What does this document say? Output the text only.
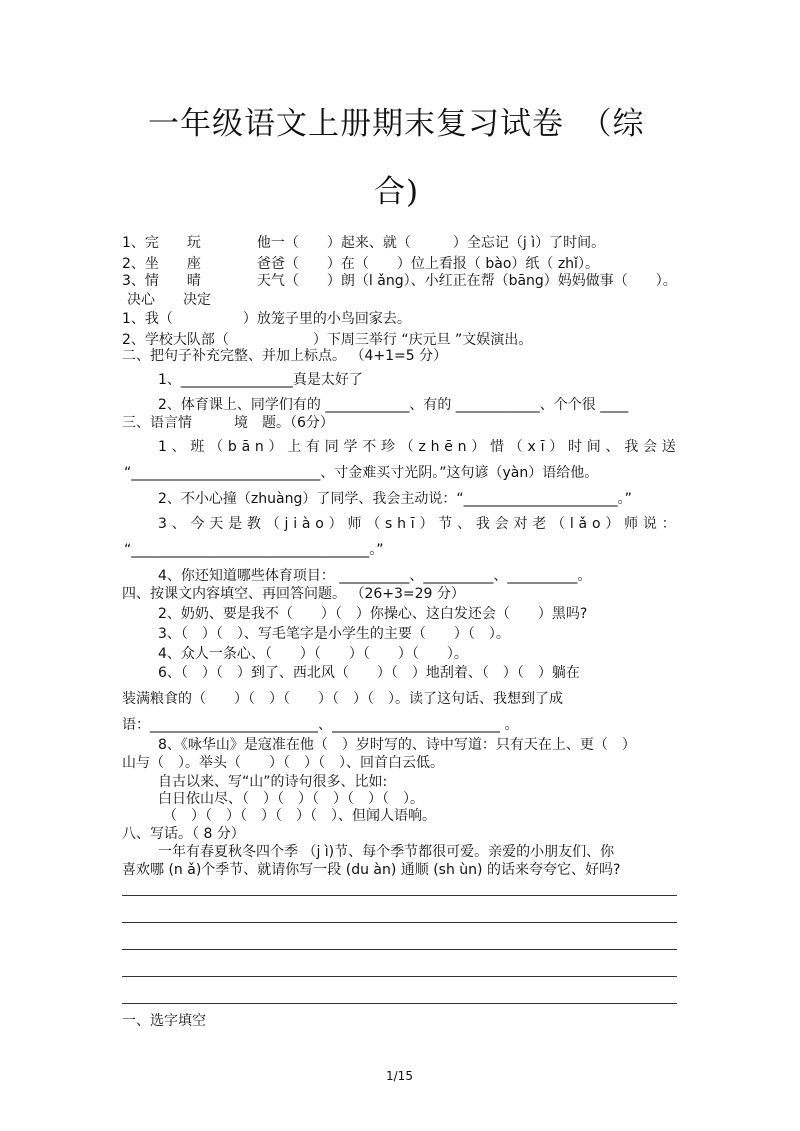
一年级语文上册期末复习试卷　（综
合)
1、完　　玩　　　　他一（　　）起来、就（　　　）全忘记（j ì）了时间。
2、坐　　座　　　　爸爸（　　）在（　　）位上看报（ bào）纸（ zhǐ）。
3、情　　晴　　　　天气（　　）朗（l ǎng）、小红正在帮（bāng）妈妈做事（　　）。
决心　　决定
1、我（　　　　　）放笼子里的小鸟回家去。
2、学校大队部（　　　　　　）下周三举行 “庆元旦 ”文娱演出。
二、把句子补充完整、并加上标点。 （4+1=5 分）
1、________________真是太好了
2、体育课上、同学们有的 ____________、有的 ____________、个个很 ____
三、语言情　　　境　题。（6分）
1 、 班 （ b ā n ） 上 有 同 学 不 珍 （ z h ē n ） 惜 （ x ī ） 时 间 、 我 会 送
“___________________________、寸金难买寸光阴。”这句谚（yàn）语给他。
2、不小心撞（zhuàng）了同学、我会主动说：“______________________。”
3 、 今 天 是 教 （ j i à o ） 师 （ s h ī ） 节 、 我 会 对 老 （ l ǎ o ） 师 说 ：
“__________________________________。”
4、你还知道哪些体育项目： __________、__________、__________。
四、按课文内容填空、再回答问题。 （26+3=29 分）
2、奶奶、要是我不（　　）（　）你操心、这白发还会（　　）黑吗?
3、（　）（　）、写毛笔字是小学生的主要（　　）（　）。
4、众人一条心、（　　）（　　）（　　）（　　）。
6、（　）（　）到了、西北风（　　）（　）地刮着、（　）（　）躺在
装满粮食的（　　）（　）（　　）（　）（　）。读了这句话、我想到了成
语：________________________、________________________ 。
8、《咏华山》是寇准在他（　）岁时写的、诗中写道：只有天在上、更（　）
山与（　）。举头（　　）（　）（　）、回首白云低。
自古以来、写“山”的诗句很多、比如:
白日依山尽、（　）（　）（　）（　）（　）。
（　）（　）（　）（　）（　）、但闻人语响。
八、写话。（ 8 分）
一年有春夏秋冬四个季 （j ì)节、每个季节都很可爱。亲爱的小朋友们、你
喜欢哪 (n ǎ)个季节、就请你写一段 (du àn) 通顺 (sh ùn) 的话来夸夸它、好吗?
一、选字填空
1/15
